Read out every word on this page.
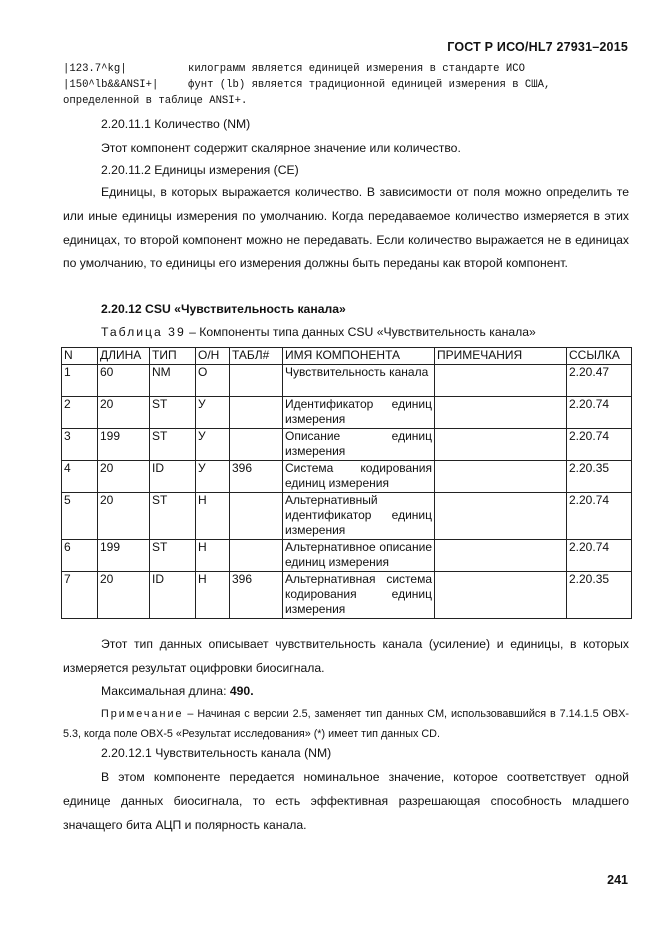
ГОСТ Р ИСО/HL7 27931–2015
|123.7^kg|	килограмм является единицей измерения в стандарте ИСО
|150^lb&&ANSI+|	фунт (lb) является традиционной единицей измерения в США,
определенной в таблице ANSI+.
2.20.11.1 Количество (NM)
Этот компонент содержит скалярное значение или количество.
2.20.11.2 Единицы измерения (CE)
Единицы, в которых выражается количество. В зависимости от поля можно определить те или иные единицы измерения по умолчанию. Когда передаваемое количество измеряется в этих единицах, то второй компонент можно не передавать. Если количество выражается не в единицах по умолчанию, то единицы его измерения должны быть переданы как второй компонент.
2.20.12 CSU «Чувствительность канала»
Таблица 39 – Компоненты типа данных CSU «Чувствительность канала»
N	ДЛИНА	ТИП	О/Н	ТАБЛ#	ИМЯ КОМПОНЕНТА	ПРИМЕЧАНИЯ	ССЫЛКА
1	60	NM	О		Чувствительность канала		2.20.47
2	20	ST	У		Идентификатор единиц измерения		2.20.74
3	199	ST	У		Описание единиц измерения		2.20.74
4	20	ID	У	396	Система кодирования единиц измерения		2.20.35
5	20	ST	Н		Альтернативный идентификатор единиц измерения		2.20.74
6	199	ST	Н		Альтернативное описание единиц измерения		2.20.74
7	20	ID	Н	396	Альтернативная система кодирования единиц измерения		2.20.35
Этот тип данных описывает чувствительность канала (усиление) и единицы, в которых измеряется результат оцифровки биосигнала.
Максимальная длина: 490.
Примечание – Начиная с версии 2.5, заменяет тип данных CM, использовавшийся в 7.14.1.5 OBX-5.3, когда поле OBX-5 «Результат исследования» (*) имеет тип данных CD.
2.20.12.1 Чувствительность канала (NM)
В этом компоненте передается номинальное значение, которое соответствует одной единице данных биосигнала, то есть эффективная разрешающая способность младшего значащего бита АЦП и полярность канала.
241
